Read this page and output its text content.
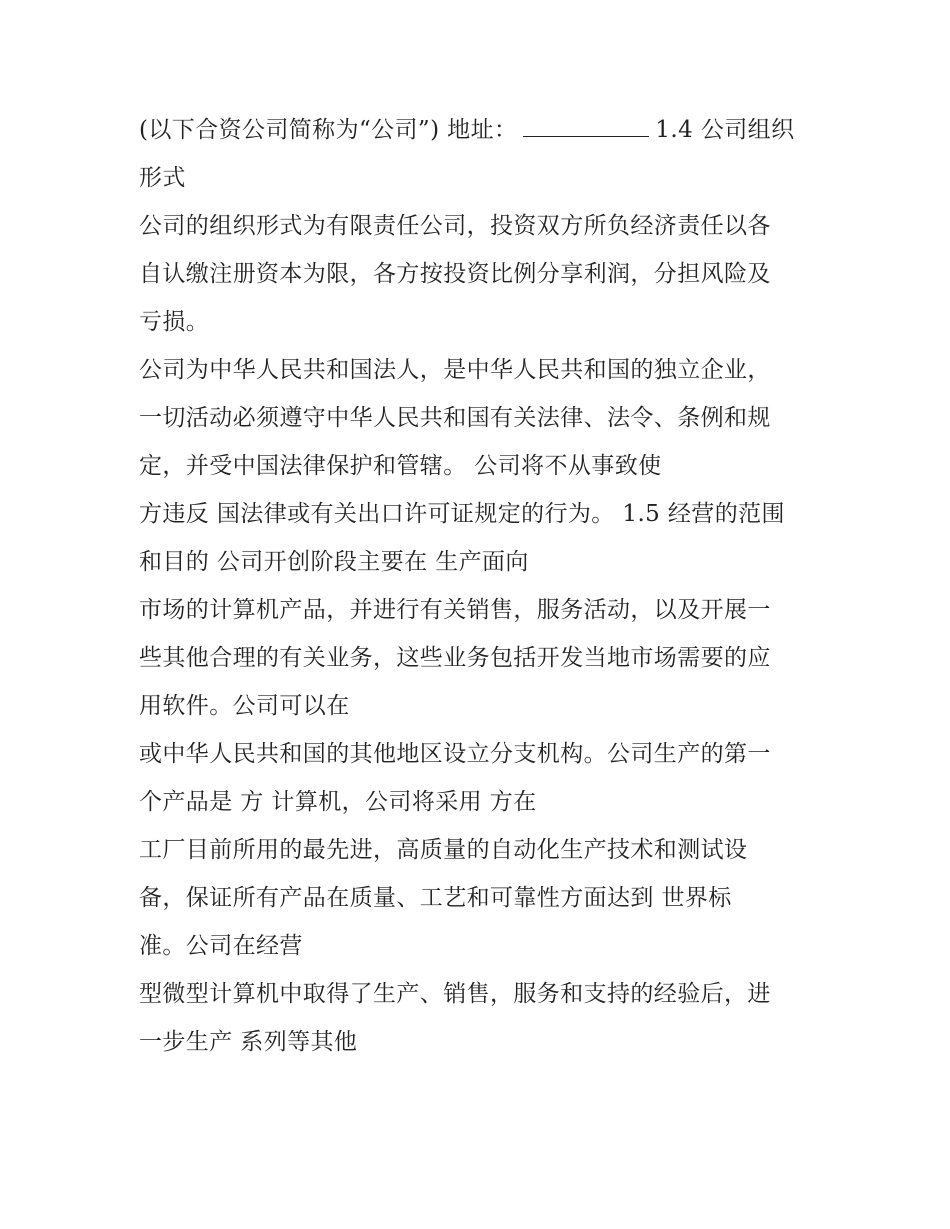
(以下合资公司简称为“公司”) 地址：	1.4 公司组织
形式
公司的组织形式为有限责任公司，投资双方所负经济责任以各
自认缴注册资本为限，各方按投资比例分享利润，分担风险及
亏损。
公司为中华人民共和国法人，是中华人民共和国的独立企业，
一切活动必须遵守中华人民共和国有关法律、法令、条例和规
定，并受中国法律保护和管辖。 公司将不从事致使
方违反 国法律或有关出口许可证规定的行为。 1.5 经营的范围
和目的 公司开创阶段主要在 生产面向
市场的计算机产品，并进行有关销售，服务活动，以及开展一
些其他合理的有关业务，这些业务包括开发当地市场需要的应
用软件。公司可以在
或中华人民共和国的其他地区设立分支机构。公司生产的第一
个产品是 方 计算机，公司将采用 方在
工厂目前所用的最先进，高质量的自动化生产技术和测试设
备，保证所有产品在质量、工艺和可靠性方面达到 世界标
准。公司在经营
型微型计算机中取得了生产、销售，服务和支持的经验后，进
一步生产 系列等其他
